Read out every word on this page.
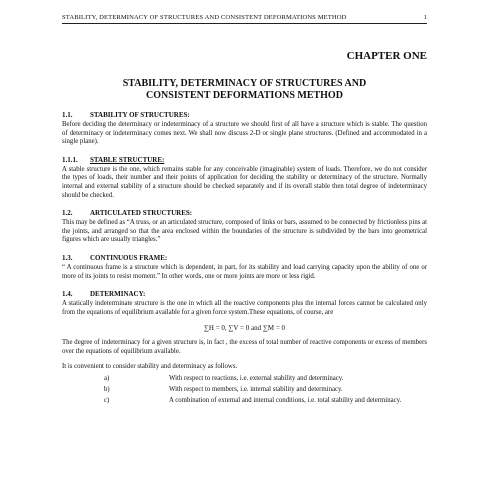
STABILITY, DETERMINACY OF STRUCTURES AND CONSISTENT DEFORMATIONS METHOD	1
CHAPTER ONE
STABILITY, DETERMINACY OF STRUCTURES AND
CONSISTENT DEFORMATIONS METHOD
1.1.	STABILITY OF STRUCTURES:

Before deciding the determinacy or indeterminacy of a structure we should first of all have a structure which is stable. The question of determinacy or indeterminacy comes next. We shall now discuss 2-D or single plane structures. (Defined and accommodated in a single plane).

1.1.1.	STABLE STRUCTURE:

A stable structure is the one, which remains stable for any conceivable (imaginable) system of loads. Therefore, we do not consider the types of loads, their number and their points of application for deciding the stability or determinacy of the structure. Normally internal and external stability of a structure should be checked separately and if its overall stable then total degree of indeterminacy should be checked.

1.2.	ARTICULATED STRUCTURES:

This may be defined as “A truss, or an articulated structure, composed of links or bars, assumed to be connected by frictionless pins at the joints, and arranged so that the area enclosed within the boundaries of the structure is subdivided by the bars into geometrical figures which are usually triangles.”

1.3.	CONTINUOUS FRAME:

“ A continuous frame is a structure which is dependent, in part, for its stability and load carrying capacity upon the ability of one or more of its joints to resist moment.” In other words, one or more joints are more or less rigid.

1.4.	DETERMINACY:

A statically indeterminate structure is the one in which all the reactive components plus the internal forces cannot be calculated only from the equations of equilibrium available for a given force system.These equations, of course, are

∑H = 0, ∑V = 0 and ∑M = 0

The degree of indeterminacy for a given structure is, in fact , the excess of total number of reactive components or excess of members over the equations of equilibrium available.

It is convenient to consider stability and determinacy as follows.

a)	With respect to reactions, i.e. external stability and determinacy.
b)	With respect to members, i.e. internal stability and determinacy.
c)	A combination of external and internal conditions, i.e. total stability and determinacy.
